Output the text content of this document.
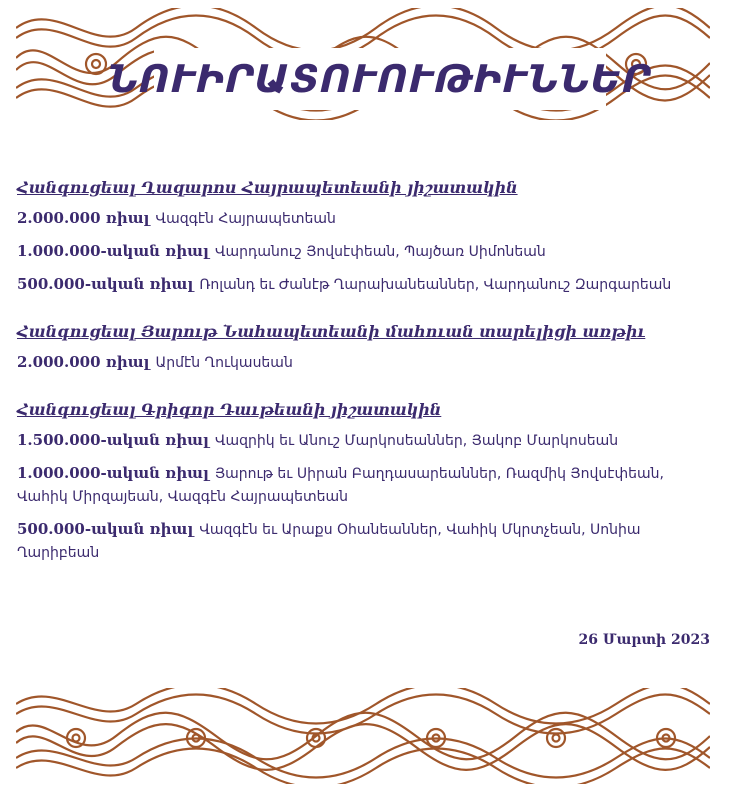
ՆՈՒԻՐԱՏՈՒՈՒԹԻՒՆՆԵՐ
Հանգուցեալ Ղազարոս Հայրապետեանի յիշատակին
2.000.000 ռիալ Վազգէն Հայրապետեան
1.000.000-ական ռիալ Վարդանուշ Յովսէփեան, Պայծառ Սիմոնեան
500.000-ական ռիալ Ռոլանդ եւ Ժանէթ Ղարախանեաններ, Վարդանուշ Զարգարեան
Հանգուցեալ Յարութ Նահապետեանի մահուան տարելիցի առթիւ
2.000.000 ռիալ Արմէն Ղուկասեան
Հանգուցեալ Գրիգոր Դաւթեանի յիշատակին
1.500.000-ական ռիալ Վազրիկ եւ Անուշ Մարկոսեաններ, Յակոբ Մարկոսեան
1.000.000-ական ռիալ Յարութ եւ Սիրան Բաղդասարեաններ, Ռազմիկ Յովսէփեան, Վաhիկ Միրզայեան, Վազգէն Հայրապետեան
500.000-ական ռիալ Վազգէն եւ Արաքս Օհանեաններ, Վաhիկ Մկրտչեան, Սոնիա Ղարիբեան
26 Մարտի 2023
